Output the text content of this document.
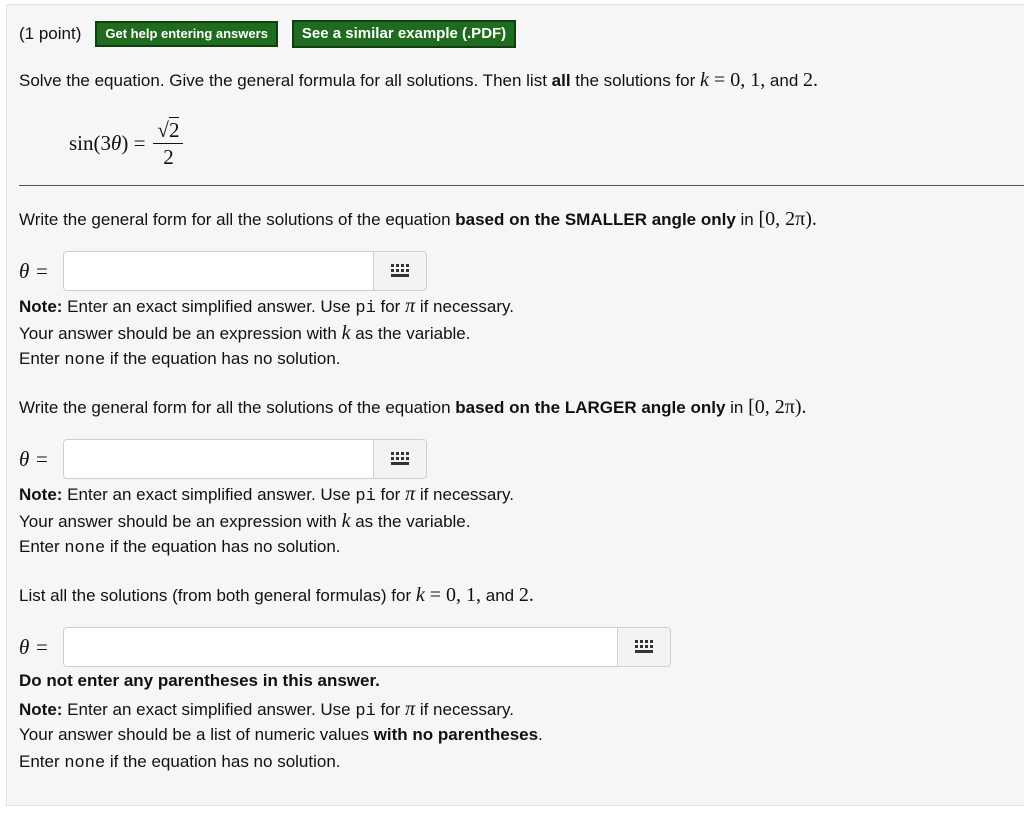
(1 point)	Get help entering answers	See a similar example (.PDF)
Solve the equation. Give the general formula for all solutions. Then list all the solutions for k = 0, 1, and 2.
sin(3 θ ) = $\frac{√2}{2}$
Write the general form for all the solutions of the equation based on the SMALLER angle only in [0, 2π).
θ =
Note: Enter an exact simplified answer. Use pi for π if necessary.
Your answer should be an expression with k as the variable.
Enter none if the equation has no solution.
Write the general form for all the solutions of the equation based on the LARGER angle only in [0, 2π).
θ =
Note: Enter an exact simplified answer. Use pi for π if necessary.
Your answer should be an expression with k as the variable.
Enter none if the equation has no solution.
List all the solutions (from both general formulas) for k = 0, 1, and 2.
θ =
Do not enter any parentheses in this answer.
Note: Enter an exact simplified answer. Use pi for π if necessary.
Your answer should be a list of numeric values with no parentheses.
Enter none if the equation has no solution.
